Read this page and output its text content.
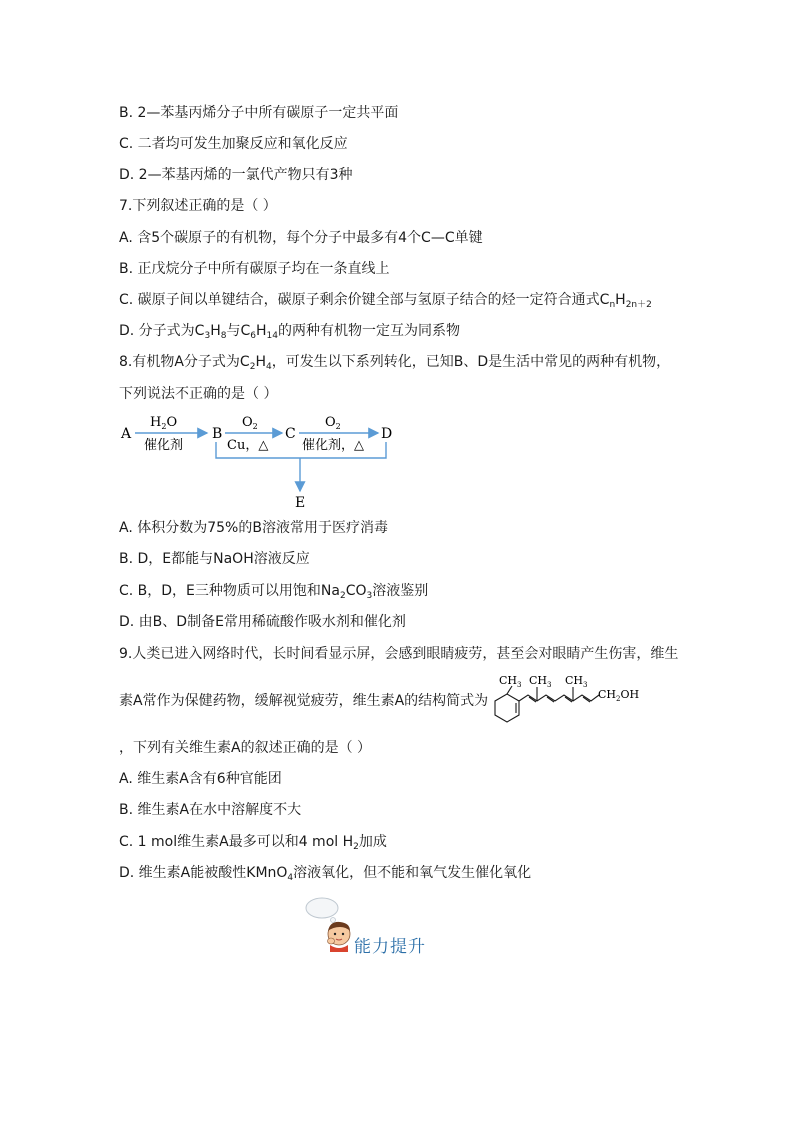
B. 2—苯基丙烯分子中所有碳原子一定共平面
C. 二者均可发生加聚反应和氧化反应
D. 2—苯基丙烯的一氯代产物只有3种
7.下列叙述正确的是（ ）
A. 含5个碳原子的有机物，每个分子中最多有4个C—C单键
B. 正戊烷分子中所有碳原子均在一条直线上
C. 碳原子间以单键结合，碳原子剩余价键全部与氢原子结合的烃一定符合通式$C_nH_{2n+2}$
D. 分子式为$C_3H_8$与$C_6H_{14}$的两种有机物一定互为同系物
8.有机物A分子式为$C_2H_4$，可发生以下系列转化，已知B、D是生活中常见的两种有机物，
下列说法不正确的是（ ）
A
$H_2O$
催化剂
B
$O_2$
Cu，△
C
$O_2$
催化剂，△
D
E
A. 体积分数为75%的B溶液常用于医疗消毒
B. D，E都能与NaOH溶液反应
C. B，D，E三种物质可以用饱和$Na_2CO_3$溶液鉴别
D. 由B、D制备E常用稀硫酸作吸水剂和催化剂
9.人类已进入网络时代，长时间看显示屏，会感到眼睛疲劳，甚至会对眼睛产生伤害，维生
素A常作为保健药物，缓解视觉疲劳，维生素A的结构简式为
$CH_3$ $CH_3$ $CH_3$
$CH_2OH$
，下列有关维生素A的叙述正确的是（ ）
A. 维生素A含有6种官能团
B. 维生素A在水中溶解度不大
C. 1 mol维生素A最多可以和4 mol $H_2$加成
D. 维生素A能被酸性KMnO$_4$溶液氧化，但不能和氧气发生催化氧化
能力提升
